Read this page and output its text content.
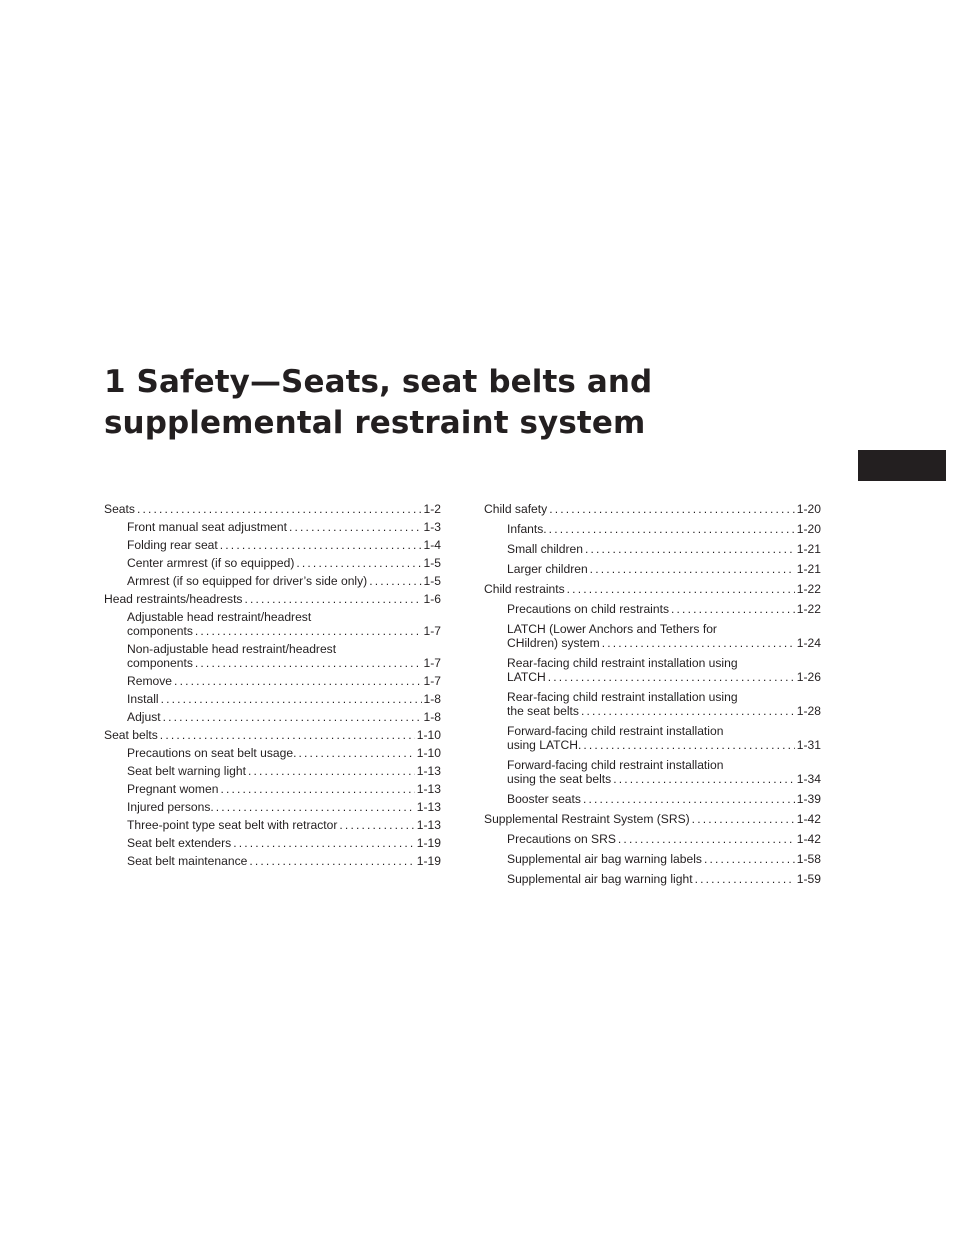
1 Safety—Seats, seat belts and
supplemental restraint system
Seats . . .	1-2
Front manual seat adjustment . . .	1-3
Folding rear seat . . .	1-4
Center armrest (if so equipped) . . .	1-5
Armrest (if so equipped for driver’s side only) . . .	1-5
Head restraints/headrests . . .	1-6
Adjustable head restraint/headrest
components . . .	1-7
Non-adjustable head restraint/headrest
components . . .	1-7
Remove . . .	1-7
Install . . .	1-8
Adjust . . .	1-8
Seat belts . . .	1-10
Precautions on seat belt usage. . . .	1-10
Seat belt warning light . . .	1-13
Pregnant women . . .	1-13
Injured persons. . . .	1-13
Three-point type seat belt with retractor . . .	1-13
Seat belt extenders . . .	1-19
Seat belt maintenance . . .	1-19
Child safety . . .	1-20
Infants. . . .	1-20
Small children . . .	1-21
Larger children . . .	1-21
Child restraints . . .	1-22
Precautions on child restraints . . .	1-22
LATCH (Lower Anchors and Tethers for
CHildren) system . . .	1-24
Rear-facing child restraint installation using
LATCH . . .	1-26
Rear-facing child restraint installation using
the seat belts . . .	1-28
Forward-facing child restraint installation
using LATCH. . . .	1-31
Forward-facing child restraint installation
using the seat belts . . .	1-34
Booster seats . . .	1-39
Supplemental Restraint System (SRS) . . .	1-42
Precautions on SRS . . .	1-42
Supplemental air bag warning labels . . .	1-58
Supplemental air bag warning light . . .	1-59
